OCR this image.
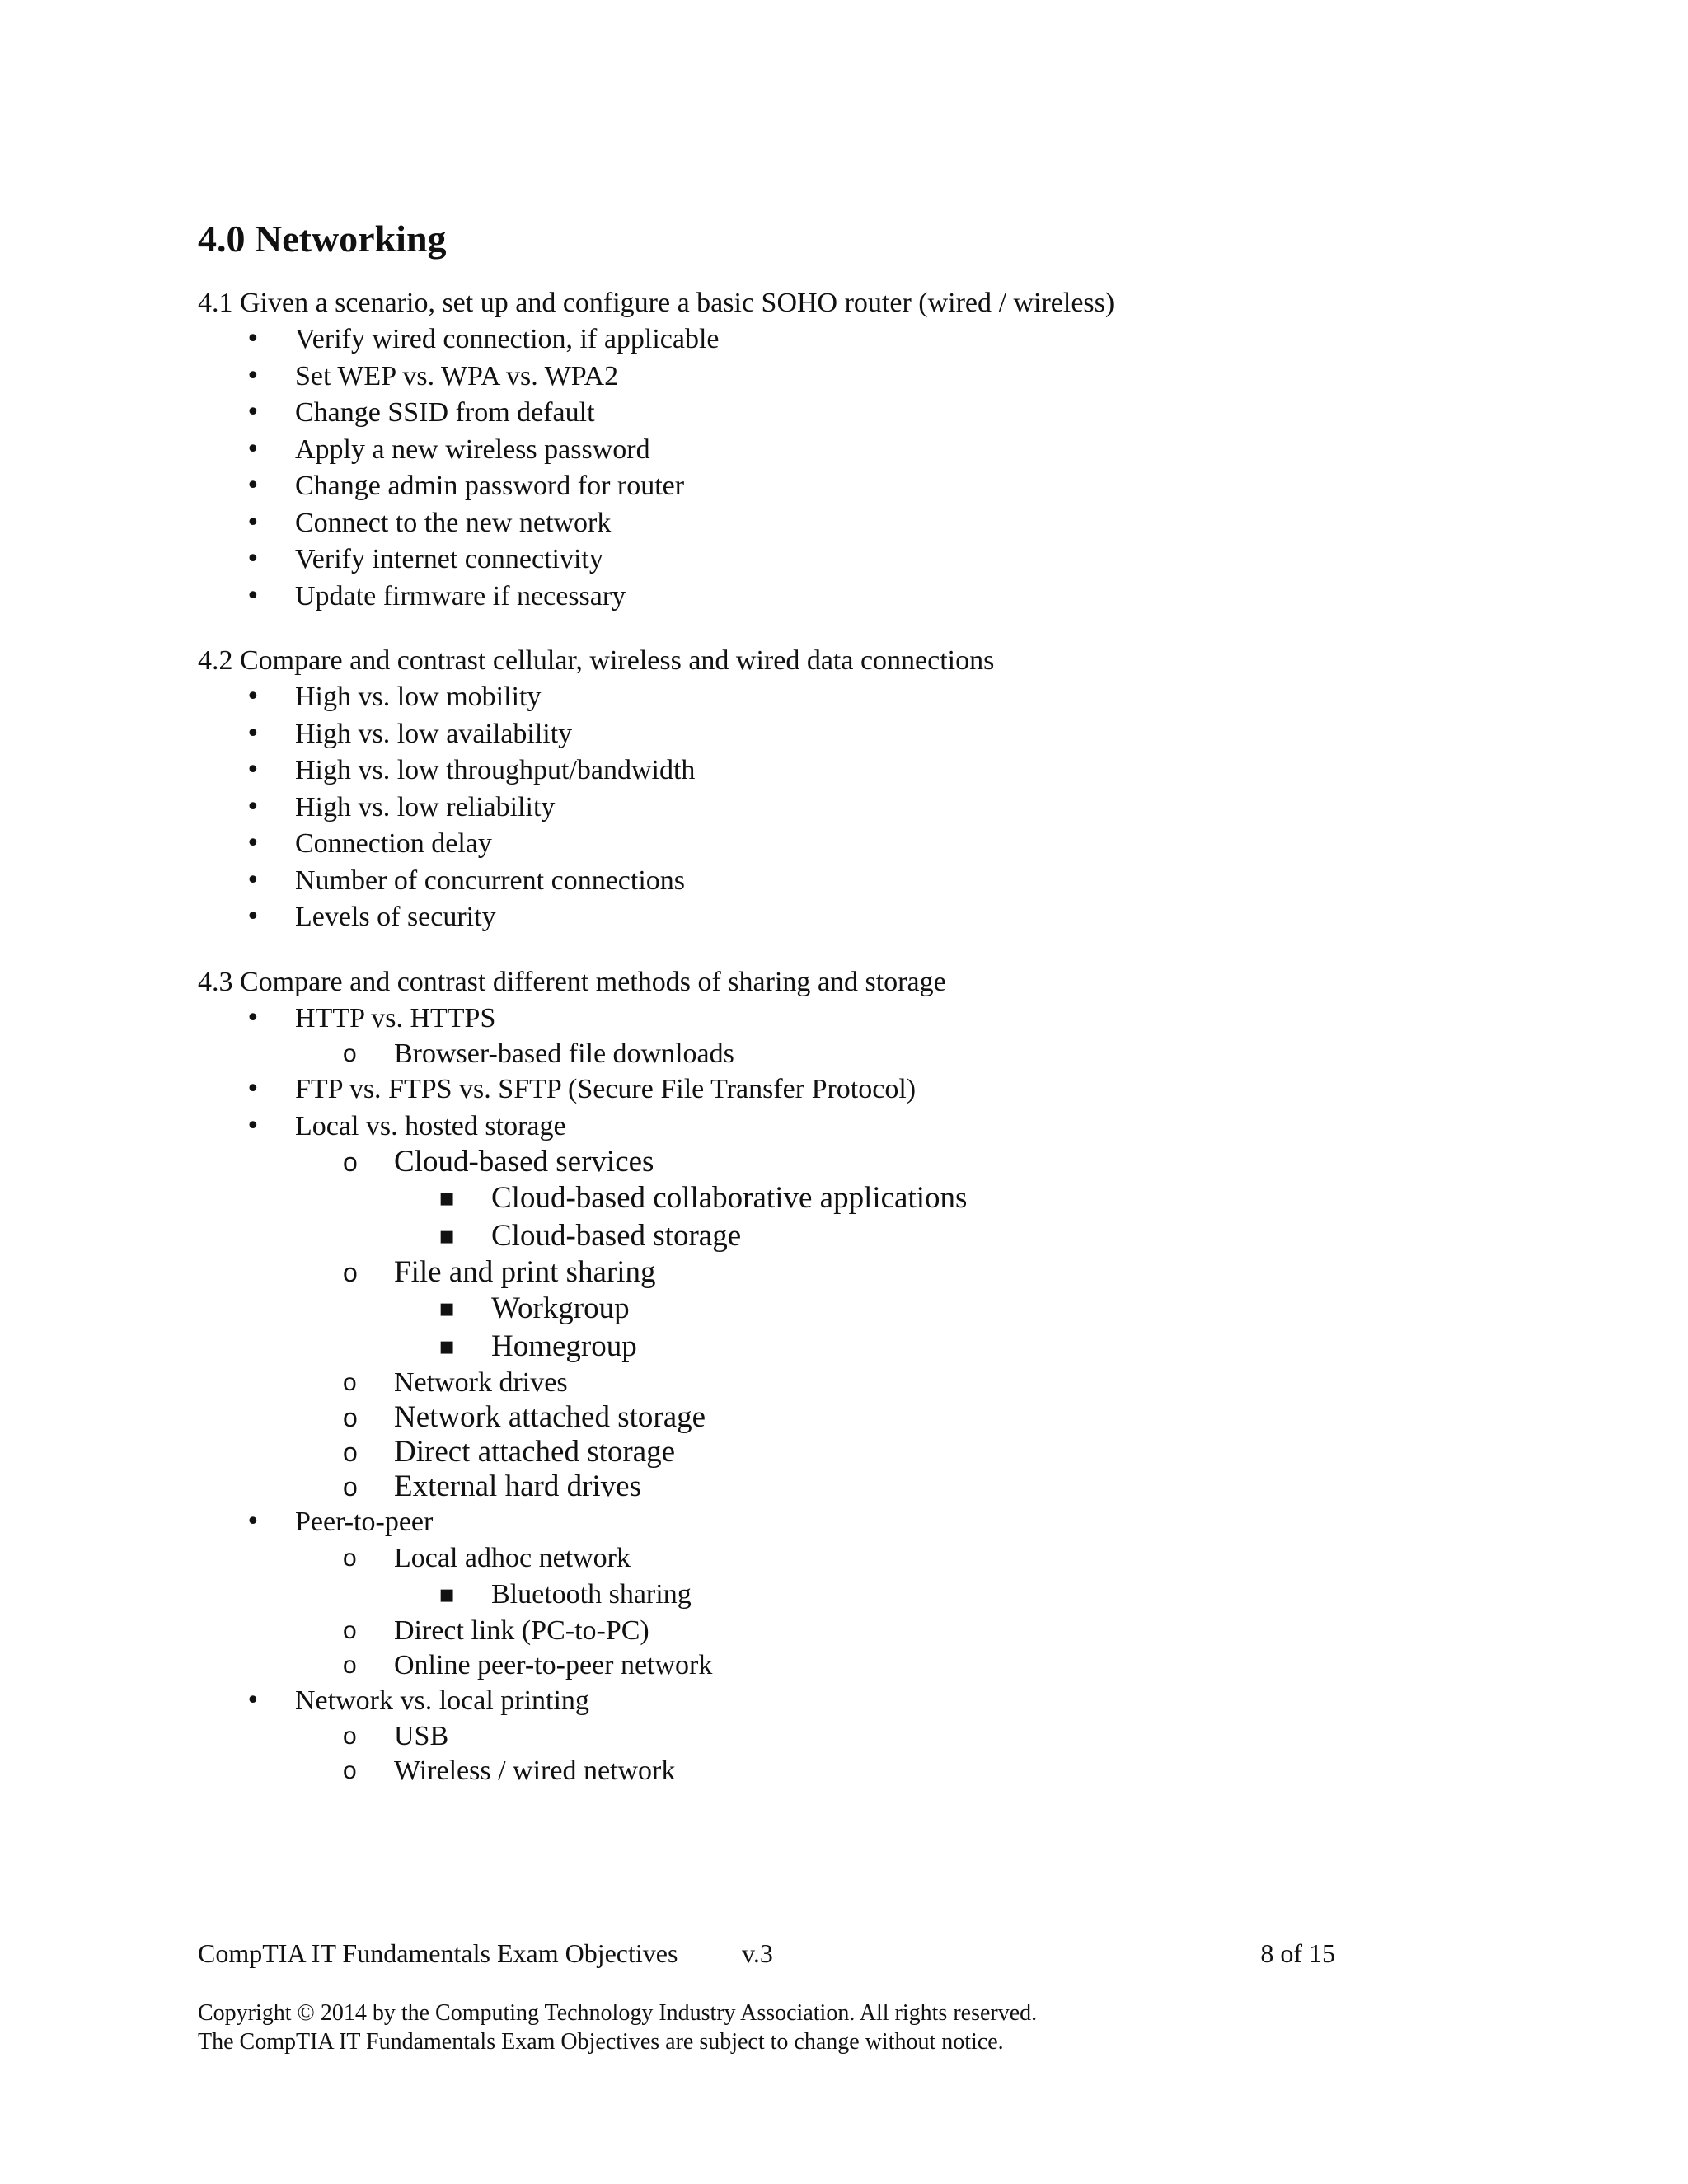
4.0 Networking

4.1 Given a scenario, set up and configure a basic SOHO router (wired / wireless)

• Verify wired connection, if applicable
• Set WEP vs. WPA vs. WPA2
• Change SSID from default
• Apply a new wireless password
• Change admin password for router
• Connect to the new network
• Verify internet connectivity
• Update firmware if necessary

4.2 Compare and contrast cellular, wireless and wired data connections

• High vs. low mobility
• High vs. low availability
• High vs. low throughput/bandwidth
• High vs. low reliability
• Connection delay
• Number of concurrent connections
• Levels of security

4.3 Compare and contrast different methods of sharing and storage

• HTTP vs. HTTPS
o Browser-based file downloads
• FTP vs. FTPS vs. SFTP (Secure File Transfer Protocol)
• Local vs. hosted storage
o Cloud-based services
▪ Cloud-based collaborative applications
▪ Cloud-based storage
o File and print sharing
▪ Workgroup
▪ Homegroup
o Network drives
o Network attached storage
o Direct attached storage
o External hard drives
• Peer-to-peer
o Local adhoc network
▪ Bluetooth sharing
o Direct link (PC-to-PC)
o Online peer-to-peer network
• Network vs. local printing
o USB
o Wireless / wired network
CompTIA IT Fundamentals Exam Objectives v.3	8 of 15
Copyright © 2014 by the Computing Technology Industry Association. All rights reserved.
The CompTIA IT Fundamentals Exam Objectives are subject to change without notice.
